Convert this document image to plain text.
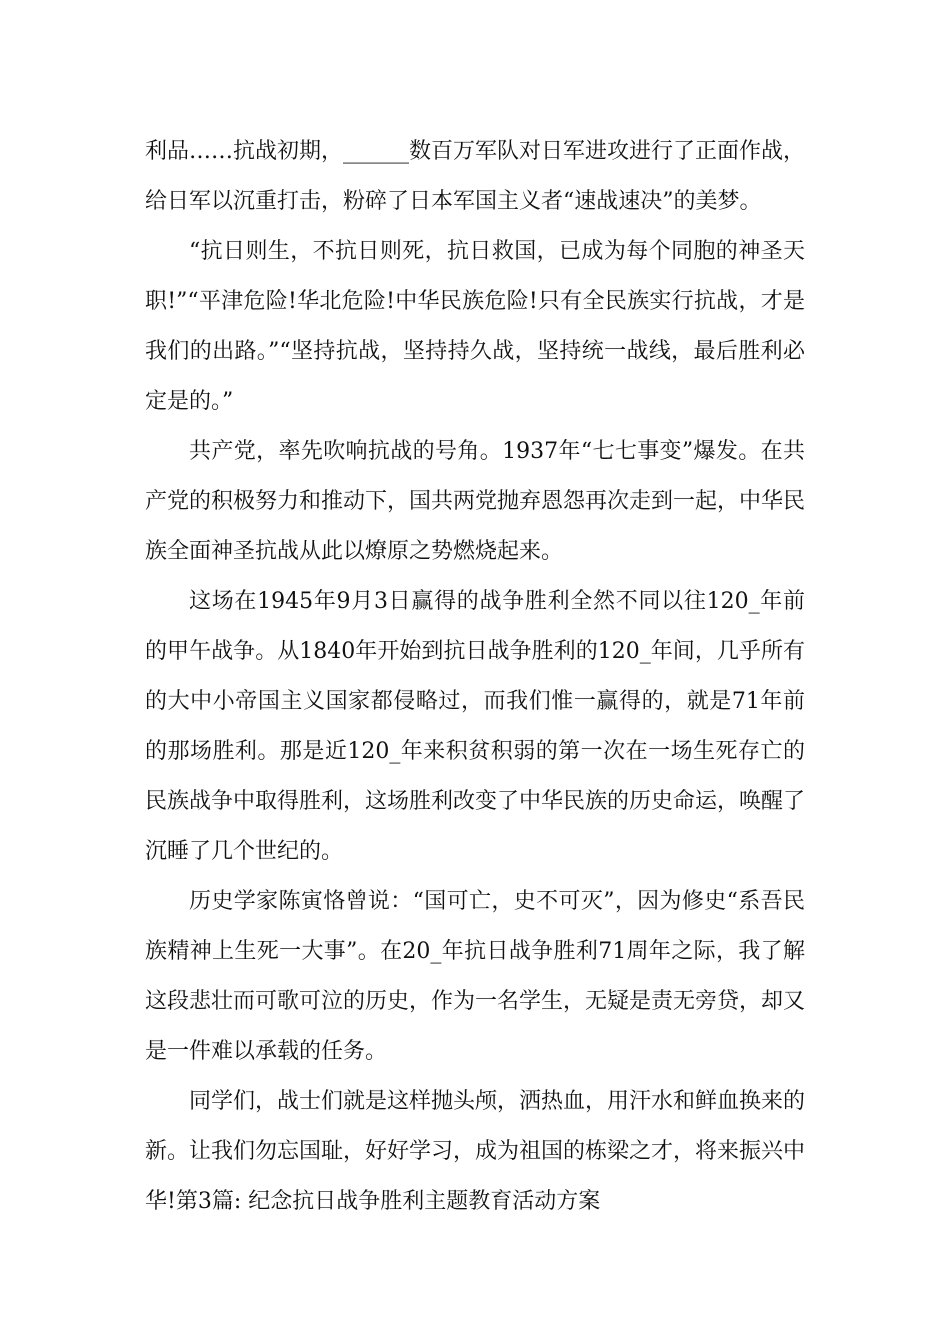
利品……抗战初期，______数百万军队对日军进攻进行了正面作战，给日军以沉重打击，粉碎了日本军国主义者“速战速决”的美梦。

“抗日则生，不抗日则死，抗日救国，已成为每个同胞的神圣天职!”“平津危险!华北危险!中华民族危险!只有全民族实行抗战，才是我们的出路。”“坚持抗战，坚持持久战，坚持统一战线，最后胜利必定是的。”

共产党，率先吹响抗战的号角。1937年“七七事变”爆发。在共产党的积极努力和推动下，国共两党抛弃恩怨再次走到一起，中华民族全面神圣抗战从此以燎原之势燃烧起来。

这场在1945年9月3日赢得的战争胜利全然不同以往120_年前的甲午战争。从1840年开始到抗日战争胜利的120_年间，几乎所有的大中小帝国主义国家都侵略过，而我们惟一赢得的，就是71年前的那场胜利。那是近120_年来积贫积弱的第一次在一场生死存亡的民族战争中取得胜利，这场胜利改变了中华民族的历史命运，唤醒了沉睡了几个世纪的。

历史学家陈寅恪曾说：“国可亡，史不可灭”，因为修史“系吾民族精神上生死一大事”。在20_年抗日战争胜利71周年之际，我了解这段悲壮而可歌可泣的历史，作为一名学生，无疑是责无旁贷，却又是一件难以承载的任务。

同学们，战士们就是这样抛头颅，洒热血，用汗水和鲜血换来的新。让我们勿忘国耻，好好学习，成为祖国的栋梁之才，将来振兴中华!第3篇: 纪念抗日战争胜利主题教育活动方案
